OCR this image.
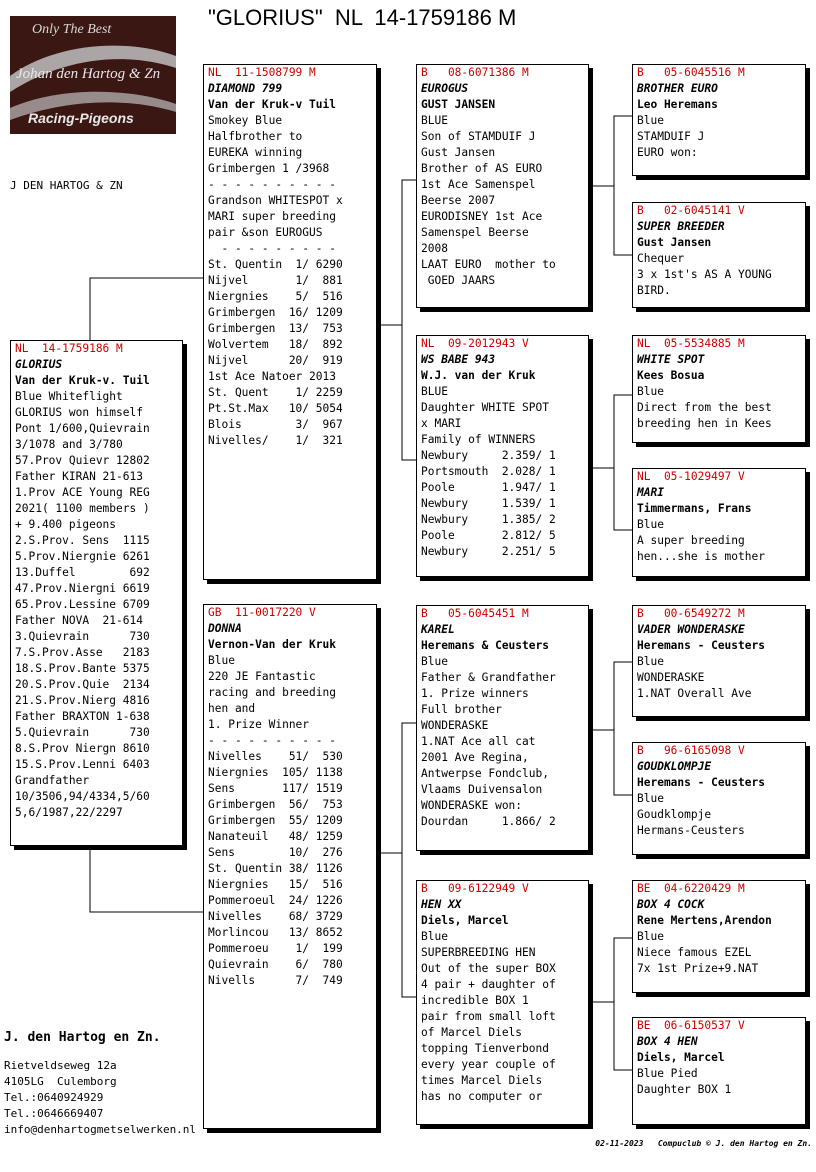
"GLORIUS"  NL  14-1759186 M
Only The Best
Johan den Hartog & Zn
Racing-Pigeons
J DEN HARTOG & ZN
NL  14-1759186 M
GLORIUS
Van der Kruk-v. Tuil
Blue Whiteflight
GLORIUS won himself
Pont 1/600,Quievrain
3/1078 and 3/780
57.Prov Quievr 12802
Father KIRAN 21-613
1.Prov ACE Young REG
2021( 1100 members )
+ 9.400 pigeons
2.S.Prov. Sens  1115
5.Prov.Niergnie 6261
13.Duffel        692
47.Prov.Niergni 6619
65.Prov.Lessine 6709
Father NOVA  21-614
3.Quievrain      730
7.S.Prov.Asse   2183
18.S.Prov.Bante 5375
20.S.Prov.Quie  2134
21.S.Prov.Nierg 4816
Father BRAXTON 1-638
5.Quievrain      730
8.S.Prov Niergn 8610
15.S.Prov.Lenni 6403
Grandfather
10/3506,94/4334,5/60
5,6/1987,22/2297
NL  11-1508799 M
DIAMOND 799
Van der Kruk-v Tuil
Smokey Blue
Halfbrother to
EUREKA winning
Grimbergen 1 /3968
- - - - - - - - - -
Grandson WHITESPOT x
MARI super breeding
pair &son EUROGUS
- - - - - - - - -
St. Quentin  1/ 6290
Nijvel       1/  881
Niergnies    5/  516
Grimbergen  16/ 1209
Grimbergen  13/  753
Wolvertem   18/  892
Nijvel      20/  919
1st Ace Natoer 2013
St. Quent    1/ 2259
Pt.St.Max   10/ 5054
Blois        3/  967
Nivelles/    1/  321
GB  11-0017220 V
DONNA
Vernon-Van der Kruk
Blue
220 JE Fantastic
racing and breeding
hen and
1. Prize Winner
- - - - - - - - - -
Nivelles    51/  530
Niergnies  105/ 1138
Sens       117/ 1519
Grimbergen  56/  753
Grimbergen  55/ 1209
Nanateuil   48/ 1259
Sens        10/  276
St. Quentin 38/ 1126
Niergnies   15/  516
Pommeroeul  24/ 1226
Nivelles    68/ 3729
Morlincou   13/ 8652
Pommeroeu    1/  199
Quievrain    6/  780
Nivells      7/  749
B   08-6071386 M
EUROGUS
GUST JANSEN
BLUE
Son of STAMDUIF J
Gust Jansen
Brother of AS EURO
1st Ace Samenspel
Beerse 2007
EURODISNEY 1st Ace
Samenspel Beerse
2008
LAAT EURO  mother to
GOED JAARS
NL  09-2012943 V
WS BABE 943
W.J. van der Kruk
BLUE
Daughter WHITE SPOT
x MARI
Family of WINNERS
Newbury     2.359/ 1
Portsmouth  2.028/ 1
Poole       1.947/ 1
Newbury     1.539/ 1
Newbury     1.385/ 2
Poole       2.812/ 5
Newbury     2.251/ 5
B   05-6045451 M
KAREL
Heremans & Ceusters
Blue
Father & Grandfather
1. Prize winners
Full brother
WONDERASKE
1.NAT Ace all cat
2001 Ave Regina,
Antwerpse Fondclub,
Vlaams Duivensalon
WONDERASKE won:
Dourdan     1.866/ 2
B   09-6122949 V
HEN XX
Diels, Marcel
Blue
SUPERBREEDING HEN
Out of the super BOX
4 pair + daughter of
incredible BOX 1
pair from small loft
of Marcel Diels
topping Tienverbond
every year couple of
times Marcel Diels
has no computer or
B   05-6045516 M
BROTHER EURO
Leo Heremans
Blue
STAMDUIF J
EURO won:
B   02-6045141 V
SUPER BREEDER
Gust Jansen
Chequer
3 x 1st's AS A YOUNG
BIRD.
NL  05-5534885 M
WHITE SPOT
Kees Bosua
Blue
Direct from the best
breeding hen in Kees
NL  05-1029497 V
MARI
Timmermans, Frans
Blue
A super breeding
hen...she is mother
B   00-6549272 M
VADER WONDERASKE
Heremans - Ceusters
Blue
WONDERASKE
1.NAT Overall Ave
B   96-6165098 V
GOUDKLOMPJE
Heremans - Ceusters
Blue
Goudklompje
Hermans-Ceusters
BE  04-6220429 M
BOX 4 COCK
Rene Mertens,Arendon
Blue
Niece famous EZEL
7x 1st Prize+9.NAT
BE  06-6150537 V
BOX 4 HEN
Diels, Marcel
Blue Pied
Daughter BOX 1
J. den Hartog en Zn.
Rietveldseweg 12a
4105LG  Culemborg
Tel.:0640924929
Tel.:0646669407
info@denhartogmetselwerken.nl
02-11-2023   Compuclub © J. den Hartog en Zn.
